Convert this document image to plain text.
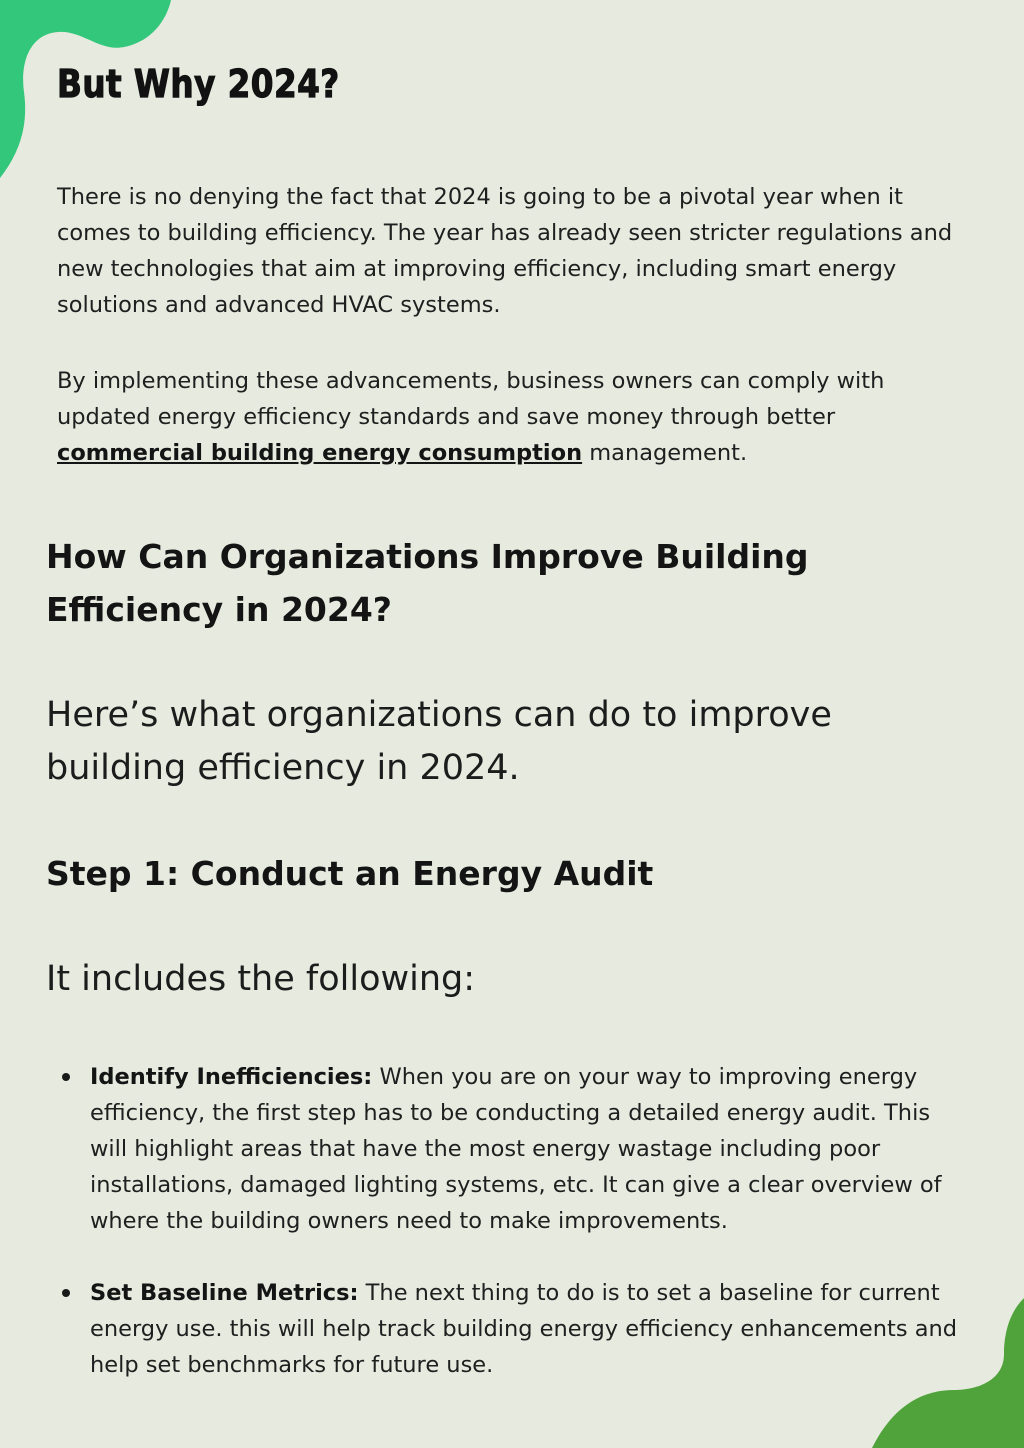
But Why 2024?

There is no denying the fact that 2024 is going to be a pivotal year when it comes to building efficiency. The year has already seen stricter regulations and new technologies that aim at improving efficiency, including smart energy solutions and advanced HVAC systems.

By implementing these advancements, business owners can comply with updated energy efficiency standards and save money through better commercial building energy consumption management.

How Can Organizations Improve Building Efficiency in 2024?

Here’s what organizations can do to improve building efficiency in 2024.

Step 1: Conduct an Energy Audit

It includes the following:

Identify Inefficiencies: When you are on your way to improving energy efficiency, the first step has to be conducting a detailed energy audit. This will highlight areas that have the most energy wastage including poor installations, damaged lighting systems, etc. It can give a clear overview of where the building owners need to make improvements.
Set Baseline Metrics: The next thing to do is to set a baseline for current energy use. this will help track building energy efficiency enhancements and help set benchmarks for future use.
